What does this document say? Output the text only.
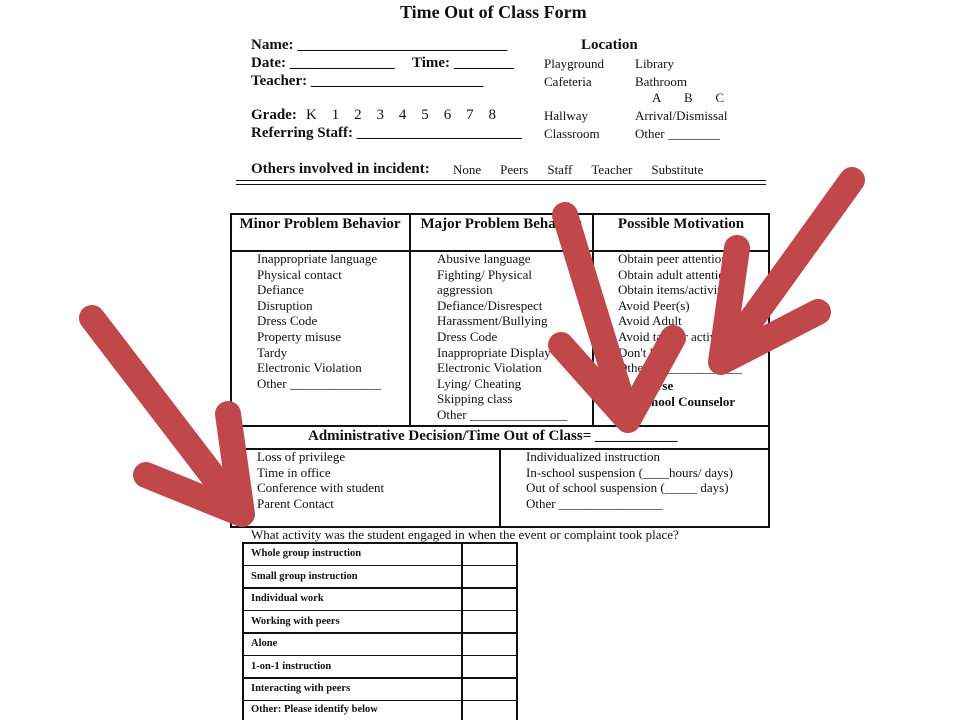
Time Out of Class Form
Name: ____________________________
Date: ______________ Time: ________
Teacher: _______________________
Grade: K 1 2 3 4 5 6 7 8
Referring Staff: ______________________
Location
Playground
Cafeteria
Hallway
Classroom
Library
Bathroom
A B C
Arrival/Dismissal
Other ________
Others involved in incident: None Peers Staff Teacher Substitute
Minor Problem Behavior	Major Problem Behavior	Possible Motivation
Inappropriate language
Physical contact
Defiance
Disruption
Dress Code
Property misuse
Tardy
Electronic Violation
Other ______________
Abusive language
Fighting/ Physical
aggression
Defiance/Disrespect
Harassment/Bullying
Dress Code
Inappropriate Display
Electronic Violation
Lying/ Cheating
Skipping class
Other _______________
Obtain peer attention
Obtain adult attention
Obtain items/activities
Avoid Peer(s)
Avoid Adult
Avoid task or activity
Don't know
Other ______________
Nurse
School Counselor
Administrative Decision/Time Out of Class= ___________
Loss of privilege
Time in office
Conference with student
Parent Contact
Individualized instruction
In-school suspension (____hours/ days)
Out of school suspension (_____ days)
Other ________________
What activity was the student engaged in when the event or complaint took place?
Whole group instruction
Small group instruction
Individual work
Working with peers
Alone
1-on-1 instruction
Interacting with peers
Other: Please identify below
